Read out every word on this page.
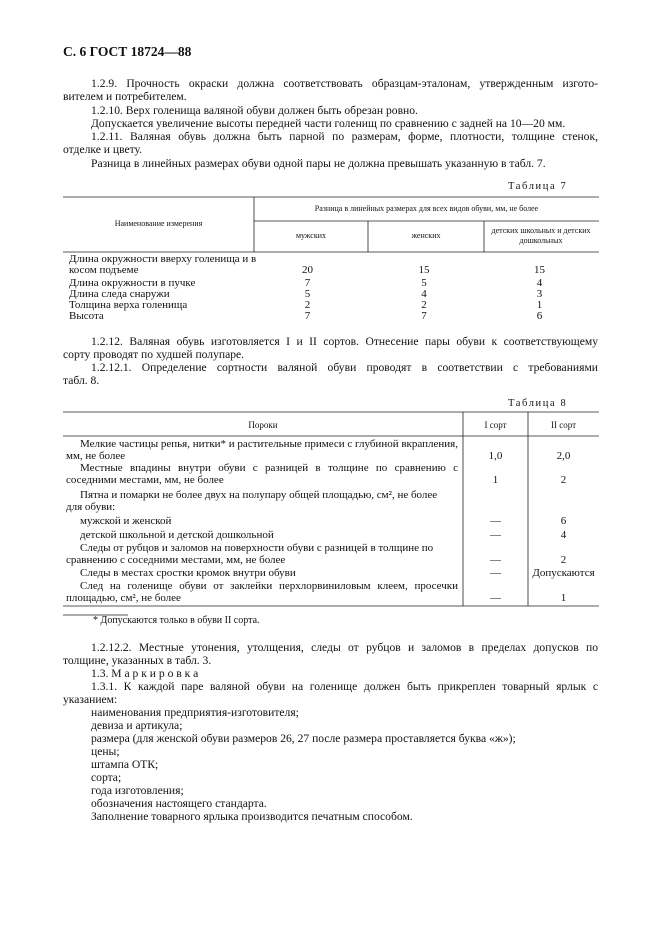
С. 6 ГОСТ 18724—88
1.2.9. Прочность окраски должна соответствовать образцам-эталонам, утвержденным изгото-
вителем и потребителем.
1.2.10. Верх голенища валяной обуви должен быть обрезан ровно.
Допускается увеличение высоты передней части голенищ по сравнению с задней на 10—20 мм.
1.2.11. Валяная обувь должна быть парной по размерам, форме, плотности, толщине стенок,
отделке и цвету.
Разница в линейных размерах обуви одной пары не должна превышать указанную в табл. 7.
Таблица 7
Наименование измерения
Разница в линейных размерах для всех видов обуви, мм, не более
мужских	женских
детских школьных и детских дошкольных
Длина окружности вверху голенища и в косом подъеме	20	15	15
Длина окружности в пучке	7	5	4
Длина следа снаружи	5	4	3
Толщина верха голенища	2	2	1
Высота	7	7	6
1.2.12. Валяная обувь изготовляется I и II сортов. Отнесение пары обуви к соответствующему
сорту проводят по худшей полупаре.
1.2.12.1. Определение сортности валяной обуви проводят в соответствии с требованиями
табл. 8.
Таблица 8
Пороки	I сорт	II сорт
Мелкие частицы репья, нитки* и растительные примеси с глубиной вкрапления,
мм, не более	1,0	2,0
Местные впадины внутри обуви с разницей в толщине по сравнению с
соседними местами, мм, не более	1	2
Пятна и помарки не более двух на полупару общей площадью, см², не более
для обуви:
мужской и женской	—	6
детской школьной и детской дошкольной	—	4
Следы от рубцов и заломов на поверхности обуви с разницей в толщине по
сравнению с соседними местами, мм, не более	—	2
Следы в местах сростки кромок внутри обуви	—	Допускаются
След на голенище обуви от заклейки перхлорвиниловым клеем, просечки
площадью, см², не более	—	1
* Допускаются только в обуви II сорта.
1.2.12.2. Местные утонения, утолщения, следы от рубцов и заломов в пределах допусков по
толщине, указанных в табл. 3.
1.3. М а р к и р о в к а
1.3.1. К каждой паре валяной обуви на голенище должен быть прикреплен товарный ярлык с
указанием:
наименования предприятия-изготовителя;
девиза и артикула;
размера (для женской обуви размеров 26, 27 после размера проставляется буква «ж»);
цены;
штампа ОТК;
сорта;
года изготовления;
обозначения настоящего стандарта.
Заполнение товарного ярлыка производится печатным способом.
